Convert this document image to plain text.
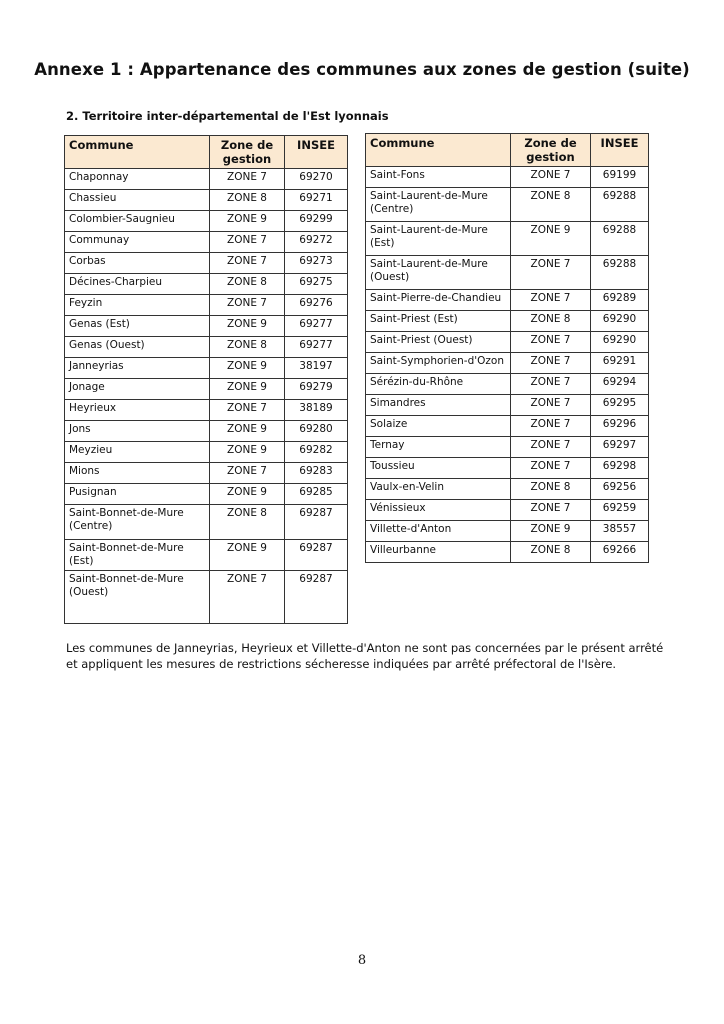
Annexe 1 : Appartenance des communes aux zones de gestion (suite)
2. Territoire inter-départemental de l'Est lyonnais
Commune	Zone de gestion	INSEE
Chaponnay	ZONE 7	69270
Chassieu	ZONE 8	69271
Colombier-Saugnieu	ZONE 9	69299
Communay	ZONE 7	69272
Corbas	ZONE 7	69273
Décines-Charpieu	ZONE 8	69275
Feyzin	ZONE 7	69276
Genas (Est)	ZONE 9	69277
Genas (Ouest)	ZONE 8	69277
Janneyrias	ZONE 9	38197
Jonage	ZONE 9	69279
Heyrieux	ZONE 7	38189
Jons	ZONE 9	69280
Meyzieu	ZONE 9	69282
Mions	ZONE 7	69283
Pusignan	ZONE 9	69285
Saint-Bonnet-de-Mure (Centre)	ZONE 8	69287
Saint-Bonnet-de-Mure (Est)	ZONE 9	69287
Saint-Bonnet-de-Mure (Ouest)	ZONE 7	69287
Commune	Zone de gestion	INSEE
Saint-Fons	ZONE 7	69199
Saint-Laurent-de-Mure (Centre)	ZONE 8	69288
Saint-Laurent-de-Mure (Est)	ZONE 9	69288
Saint-Laurent-de-Mure (Ouest)	ZONE 7	69288
Saint-Pierre-de-Chandieu	ZONE 7	69289
Saint-Priest (Est)	ZONE 8	69290
Saint-Priest (Ouest)	ZONE 7	69290
Saint-Symphorien-d'Ozon	ZONE 7	69291
Sérézin-du-Rhône	ZONE 7	69294
Simandres	ZONE 7	69295
Solaize	ZONE 7	69296
Ternay	ZONE 7	69297
Toussieu	ZONE 7	69298
Vaulx-en-Velin	ZONE 8	69256
Vénissieux	ZONE 7	69259
Villette-d'Anton	ZONE 9	38557
Villeurbanne	ZONE 8	69266
Les communes de Janneyrias, Heyrieux et Villette-d'Anton ne sont pas concernées par le présent arrêté et appliquent les mesures de restrictions sécheresse indiquées par arrêté préfectoral de l'Isère.
8
